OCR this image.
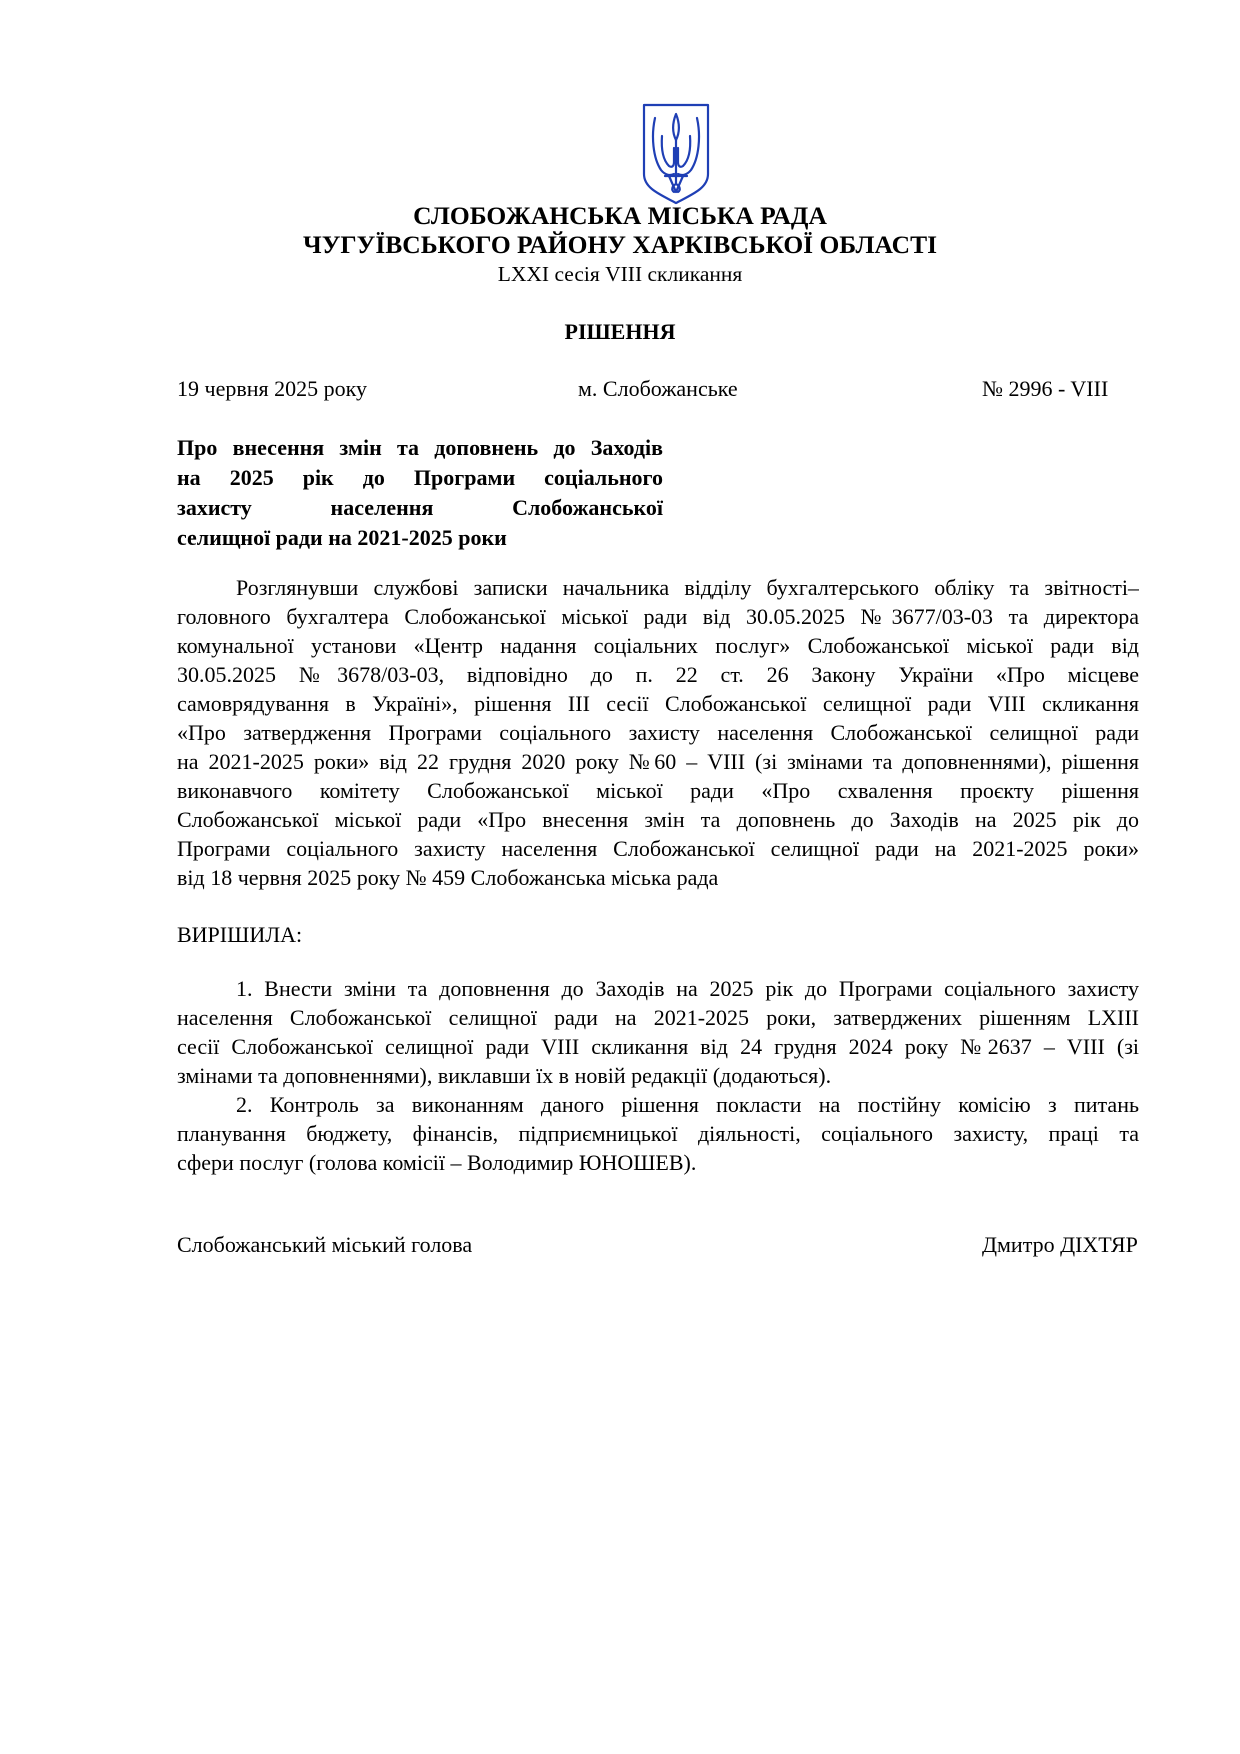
СЛОБОЖАНСЬКА МІСЬКА РАДА
ЧУГУЇВСЬКОГО РАЙОНУ ХАРКІВСЬКОЇ ОБЛАСТІ
LXXI сесія VIII скликання
РІШЕННЯ
19 червня 2025 року	м. Слобожанське	№ 2996 - VIII
Про внесення змін та доповнень до Заходів
на 2025 рік до Програми соціального
захисту населення Слобожанської
селищної ради на 2021-2025 роки
Розглянувши службові записки начальника відділу бухгалтерського обліку та звітності–
головного бухгалтера Слобожанської міської ради від 30.05.2025 №3677/03-03 та директора
комунальної установи «Центр надання соціальних послуг» Слобожанської міської ради від
30.05.2025 №3678/03-03, відповідно до п. 22 ст. 26 Закону України «Про місцеве
самоврядування в Україні», рішення ІІІ сесії Слобожанської селищної ради VIII скликання
«Про затвердження Програми соціального захисту населення Слобожанської селищної ради
на 2021-2025 роки» від 22 грудня 2020 року №60 – VIII (зі змінами та доповненнями), рішення
виконавчого комітету Слобожанської міської ради «Про схвалення проєкту рішення
Слобожанської міської ради «Про внесення змін та доповнень до Заходів на 2025 рік до
Програми соціального захисту населення Слобожанської селищної ради на 2021-2025 роки»
від 18 червня 2025 року № 459 Слобожанська міська рада
ВИРІШИЛА:
1. Внести зміни та доповнення до Заходів на 2025 рік до Програми соціального захисту
населення Слобожанської селищної ради на 2021-2025 роки, затверджених рішенням LXIII
сесії Слобожанської селищної ради VIII скликання від 24 грудня 2024 року №2637 – VIII (зі
змінами та доповненнями), виклавши їх в новій редакції (додаються).
2. Контроль за виконанням даного рішення покласти на постійну комісію з питань
планування бюджету, фінансів, підприємницької діяльності, соціального захисту, праці та
сфери послуг (голова комісії – Володимир ЮНОШЕВ).
Слобожанський міський голова	Дмитро ДІХТЯР
